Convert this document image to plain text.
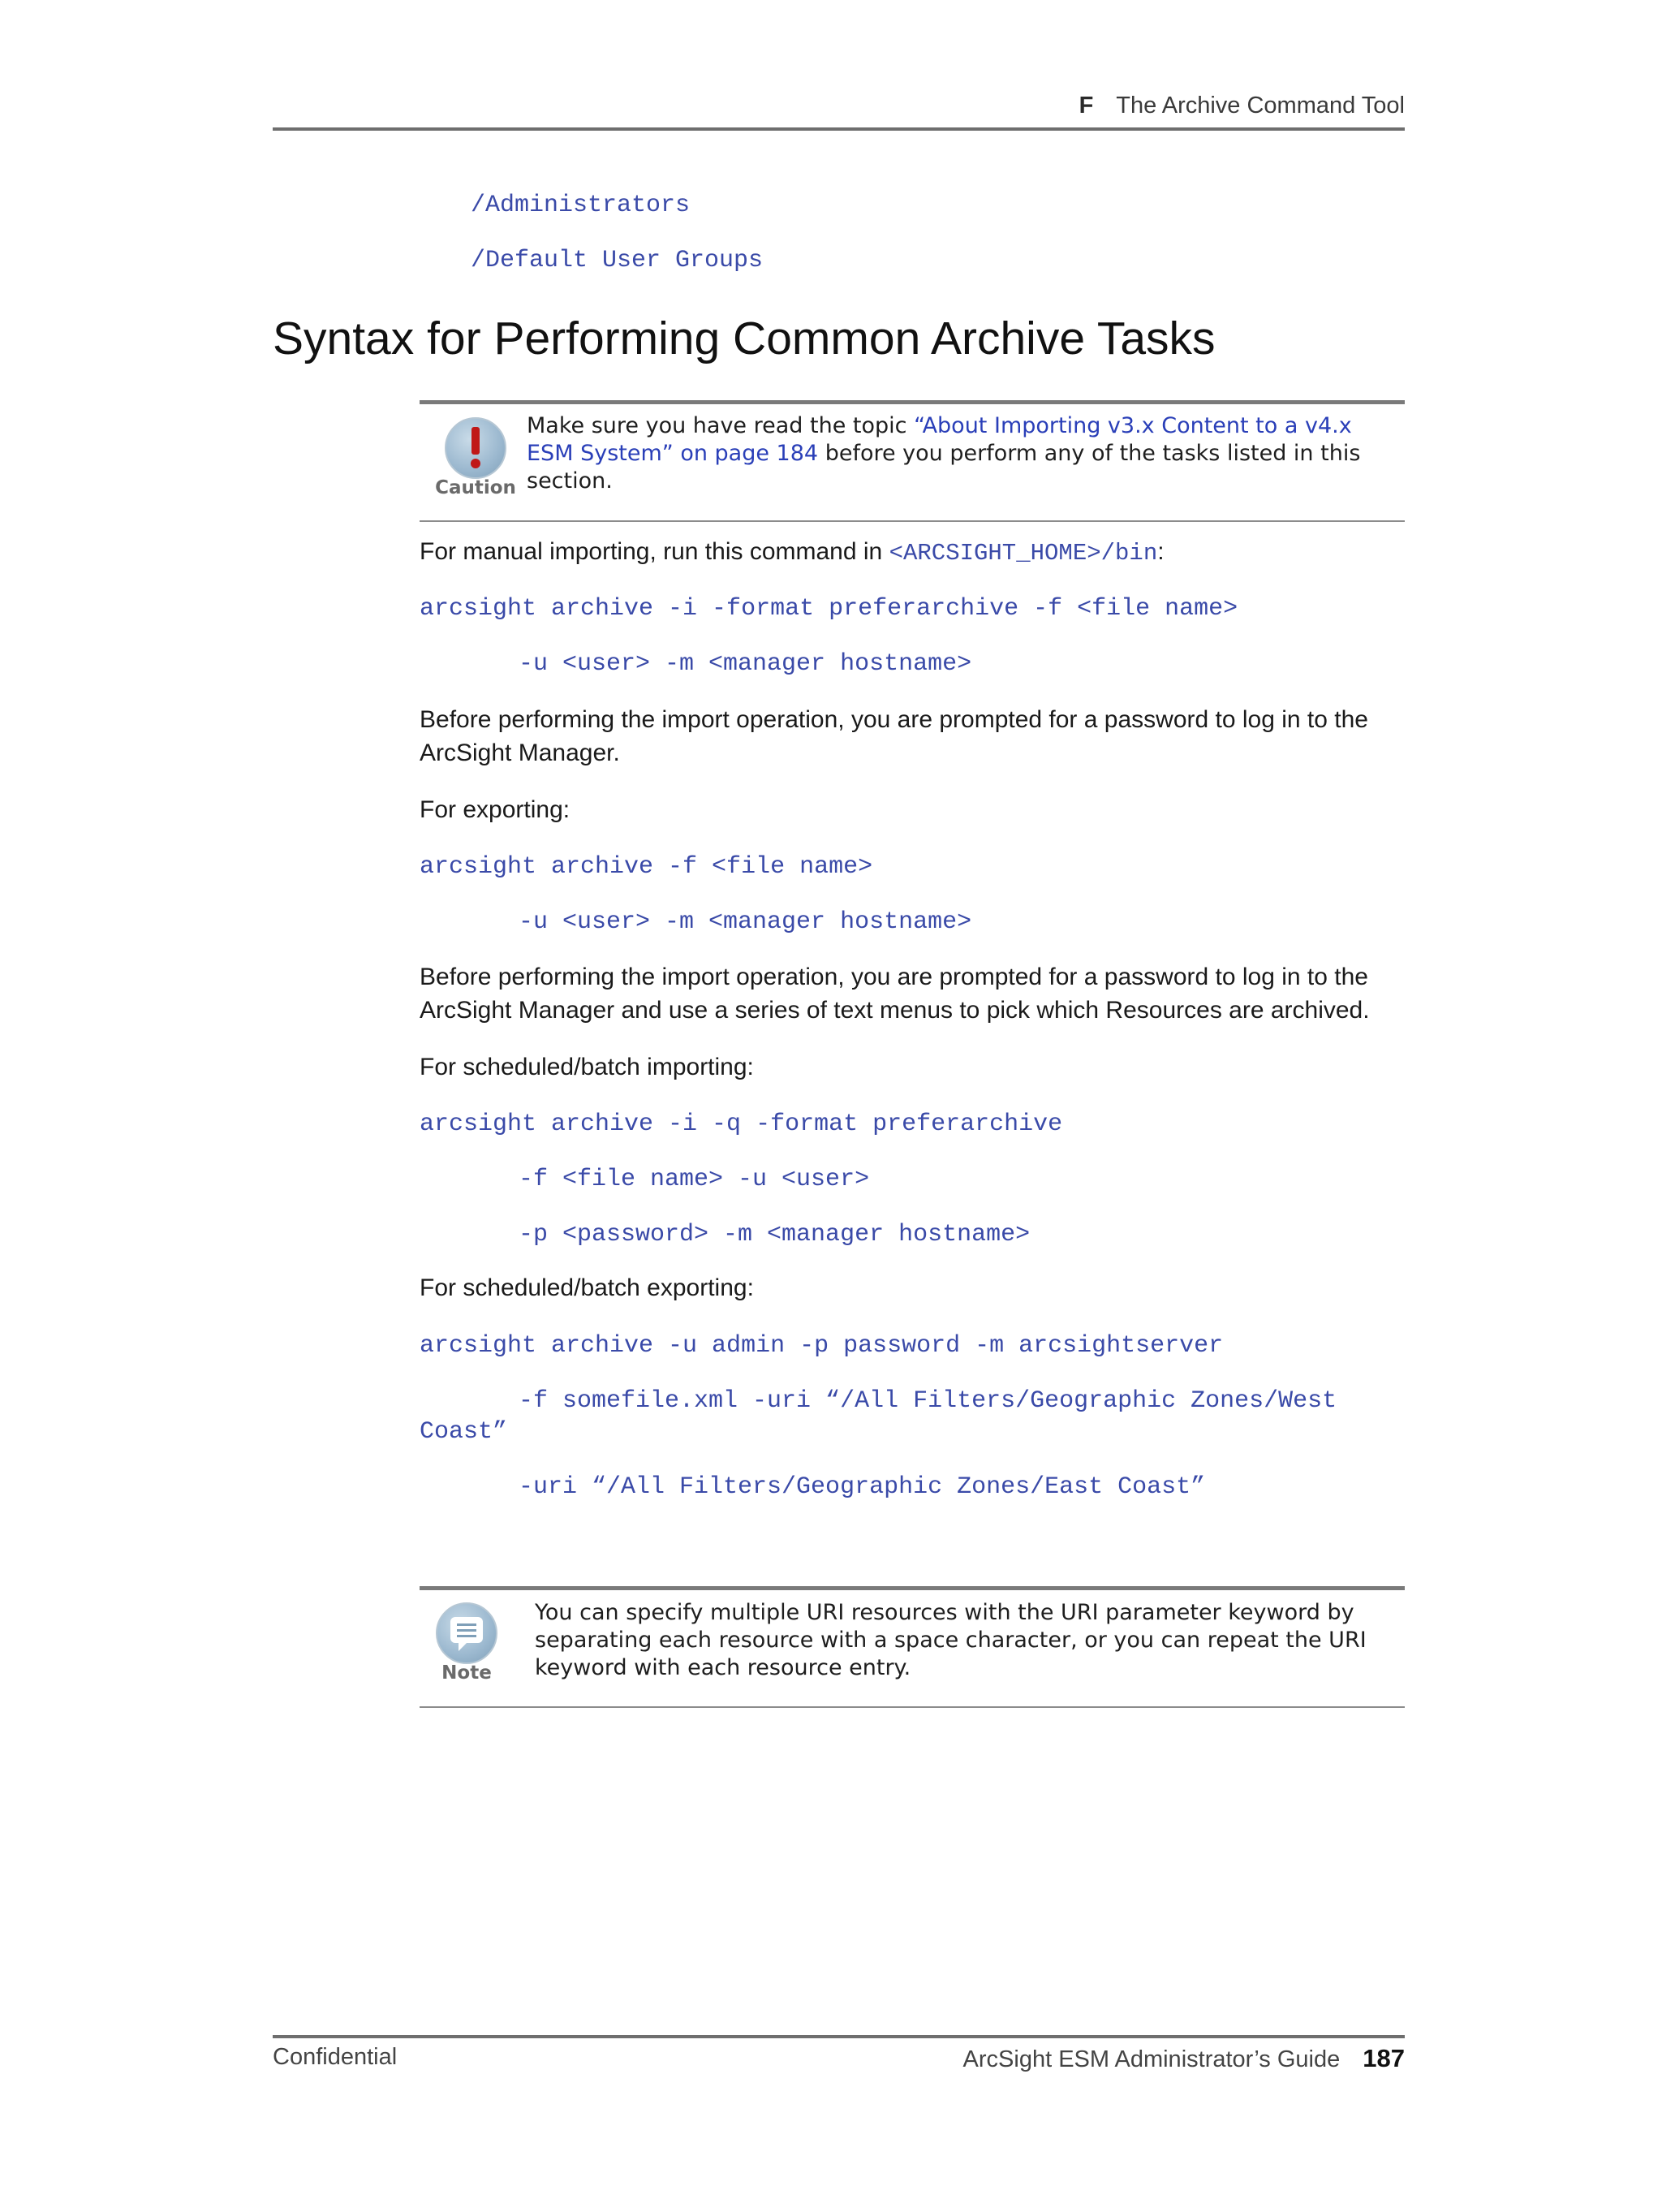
F The Archive Command Tool
/Administrators
/Default User Groups
Syntax for Performing Common Archive Tasks
Caution
Make sure you have read the topic “About Importing v3.x Content to a v4.x ESM System” on page 184 before you perform any of the tasks listed in this section.
For manual importing, run this command in <ARCSIGHT_HOME>/bin:
arcsight archive -i -format preferarchive -f <file name>
-u <user> -m <manager hostname>
Before performing the import operation, you are prompted for a password to log in to the ArcSight Manager.
For exporting:
arcsight archive -f <file name>
-u <user> -m <manager hostname>
Before performing the import operation, you are prompted for a password to log in to the ArcSight Manager and use a series of text menus to pick which Resources are archived.
For scheduled/batch importing:
arcsight archive -i -q -format preferarchive
-f <file name> -u <user>
-p <password> -m <manager hostname>
For scheduled/batch exporting:
arcsight archive -u admin -p password -m arcsightserver
-f somefile.xml -uri “/All Filters/Geographic Zones/West
Coast”
-uri “/All Filters/Geographic Zones/East Coast”
Note
You can specify multiple URI resources with the URI parameter keyword by separating each resource with a space character, or you can repeat the URI keyword with each resource entry.
Confidential	ArcSight ESM Administrator’s Guide 187
